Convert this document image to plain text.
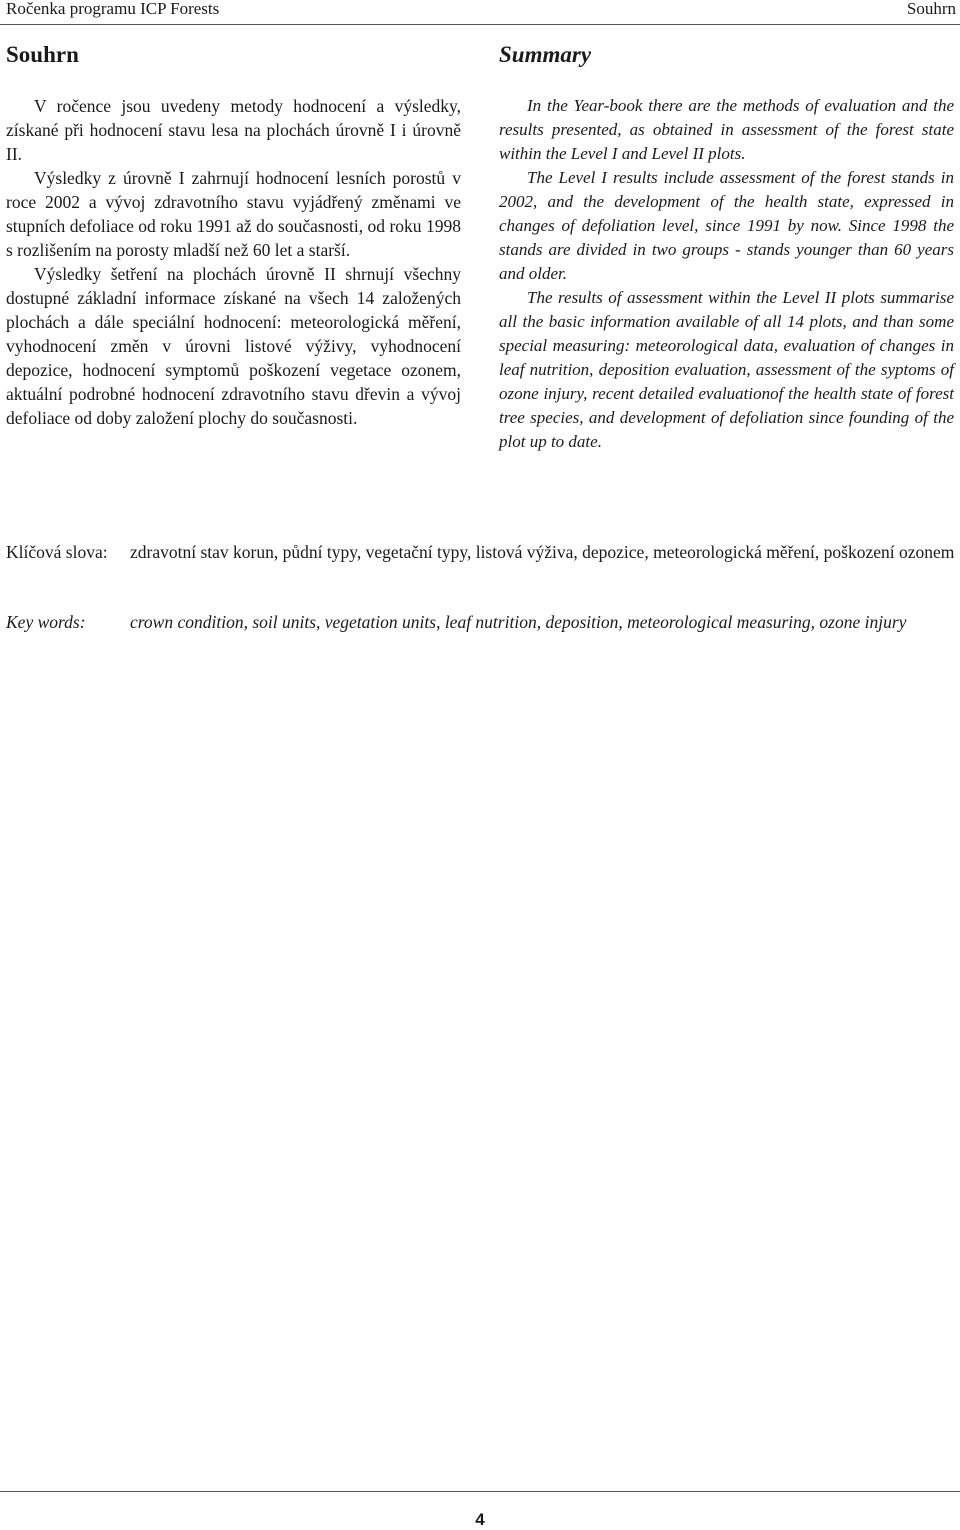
Ročenka programu ICP Forests	Souhrn
Souhrn

V ročence jsou uvedeny metody hodnocení a výsledky, získané při hodnocení stavu lesa na plochách úrovně I i úrovně II.

Výsledky z úrovně I zahrnují hodnocení lesních porostů v roce 2002 a vývoj zdravotního stavu vyjádřený změnami ve stupních defoliace od roku 1991 až do současnosti, od roku 1998 s rozlišením na porosty mladší než 60 let a starší.

Výsledky šetření na plochách úrovně II shrnují všechny dostupné základní informace získané na všech 14 založených plochách a dále speciální hodnocení: meteorologická měření, vyhodnocení změn v úrovni listové výživy, vyhodnocení depozice, hodnocení symptomů poškození vegetace ozonem, aktuální podrobné hodnocení zdravotního stavu dřevin a vývoj defoliace od doby založení plochy do současnosti.

Summary

In the Year-book there are the methods of evaluation and the results presented, as obtained in assessment of the forest state within the Level I and Level II plots.

The Level I results include assessment of the forest stands in 2002, and the development of the health state, expressed in changes of defoliation level, since 1991 by now. Since 1998 the stands are divided in two groups - stands younger than 60 years and older.

The results of assessment within the Level II plots summarise all the basic information available of all 14 plots, and than some special measuring: meteorological data, evaluation of changes in leaf nutrition, deposition evaluation, assessment of the syptoms of ozone injury, recent detailed evaluationof the health state of forest tree species, and development of defoliation since founding of the plot up to date.

Klíčová slova:	zdravotní stav korun, půdní typy, vegetační typy, listová výživa, depozice, meteorologická měření, poškození ozonem
Key words:	crown condition, soil units, vegetation units, leaf nutrition, deposition, meteorological measuring, ozone injury
4
